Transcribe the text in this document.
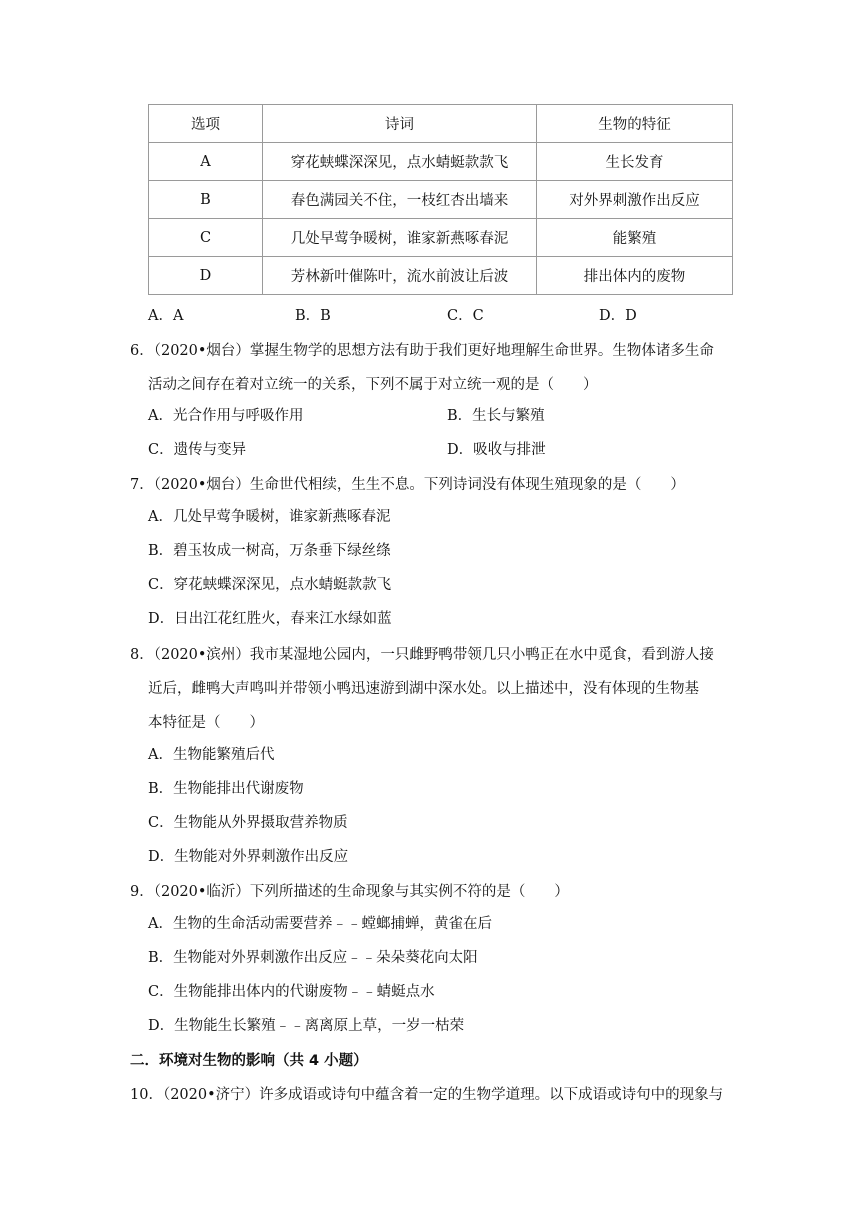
选项	诗词	生物的特征
A	穿花蛱蝶深深见，点水蜻蜓款款飞	生长发育
B	春色满园关不住，一枝红杏出墙来	对外界刺激作出反应
C	几处早莺争暖树，谁家新燕啄春泥	能繁殖
D	芳林新叶催陈叶，流水前波让后波	排出体内的废物
A．A	B．B	C．C	D．D
6．（2020•烟台）掌握生物学的思想方法有助于我们更好地理解生命世界。生物体诸多生命
活动之间存在着对立统一的关系，下列不属于对立统一观的是（　　）
A．光合作用与呼吸作用	B．生长与繁殖
C．遗传与变异	D．吸收与排泄
7．（2020•烟台）生命世代相续，生生不息。下列诗词没有体现生殖现象的是（　　）
A．几处早莺争暖树，谁家新燕啄春泥
B．碧玉妆成一树高，万条垂下绿丝绦
C．穿花蛱蝶深深见，点水蜻蜓款款飞
D．日出江花红胜火，春来江水绿如蓝
8．（2020•滨州）我市某湿地公园内，一只雌野鸭带领几只小鸭正在水中觅食，看到游人接
近后，雌鸭大声鸣叫并带领小鸭迅速游到湖中深水处。以上描述中，没有体现的生物基
本特征是（　　）
A．生物能繁殖后代
B．生物能排出代谢废物
C．生物能从外界摄取营养物质
D．生物能对外界刺激作出反应
9．（2020•临沂）下列所描述的生命现象与其实例不符的是（　　）
A．生物的生命活动需要营养﹣﹣螳螂捕蝉，黄雀在后
B．生物能对外界刺激作出反应﹣﹣朵朵葵花向太阳
C．生物能排出体内的代谢废物﹣﹣蜻蜓点水
D．生物能生长繁殖﹣﹣离离原上草，一岁一枯荣
二．环境对生物的影响（共 4 小题）
10．（2020•济宁）许多成语或诗句中蕴含着一定的生物学道理。以下成语或诗句中的现象与
